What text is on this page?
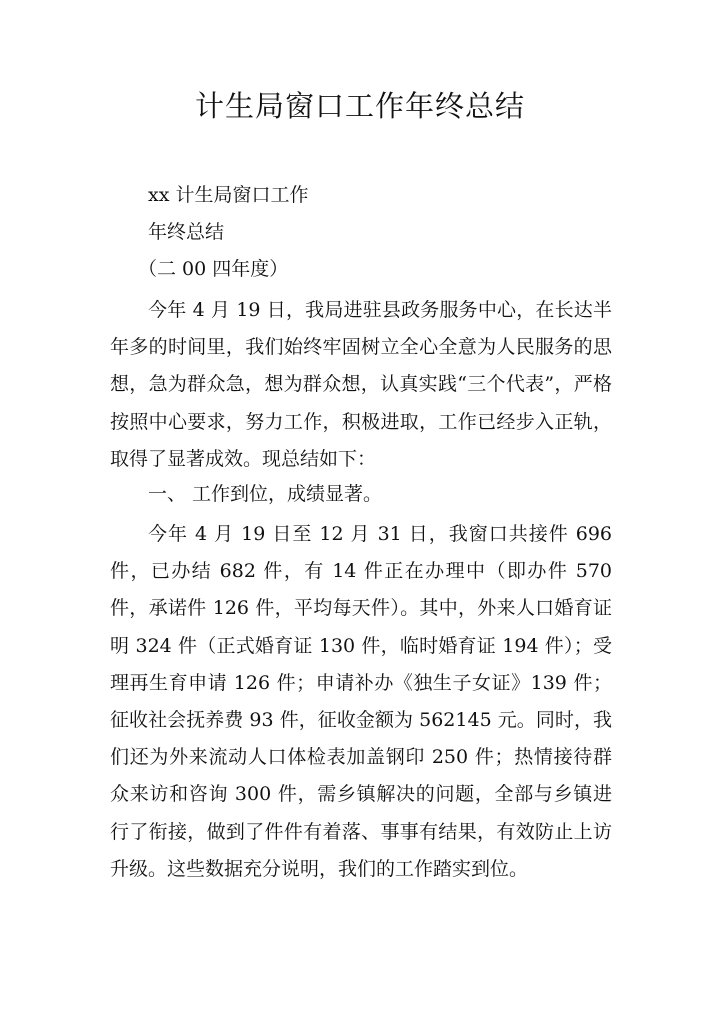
计生局窗口工作年终总结

xx 计生局窗口工作

年终总结

（二 00 四年度）

今年 4 月 19 日，我局进驻县政务服务中心，在长达半年多的时间里，我们始终牢固树立全心全意为人民服务的思想，急为群众急，想为群众想，认真实践“三个代表”，严格按照中心要求，努力工作，积极进取，工作已经步入正轨，取得了显著成效。现总结如下：

一、 工作到位，成绩显著。

今年 4 月 19 日至 12 月 31 日，我窗口共接件 696 件，已办结 682 件，有 14 件正在办理中（即办件 570 件，承诺件 126 件，平均每天件）。其中，外来人口婚育证明 324 件（正式婚育证 130 件，临时婚育证 194 件）；受理再生育申请 126 件；申请补办《独生子女证》139 件；征收社会抚养费 93 件，征收金额为 562145 元。同时，我们还为外来流动人口体检表加盖钢印 250 件；热情接待群众来访和咨询 300 件，需乡镇解决的问题，全部与乡镇进行了衔接，做到了件件有着落、事事有结果，有效防止上访升级。这些数据充分说明，我们的工作踏实到位。
